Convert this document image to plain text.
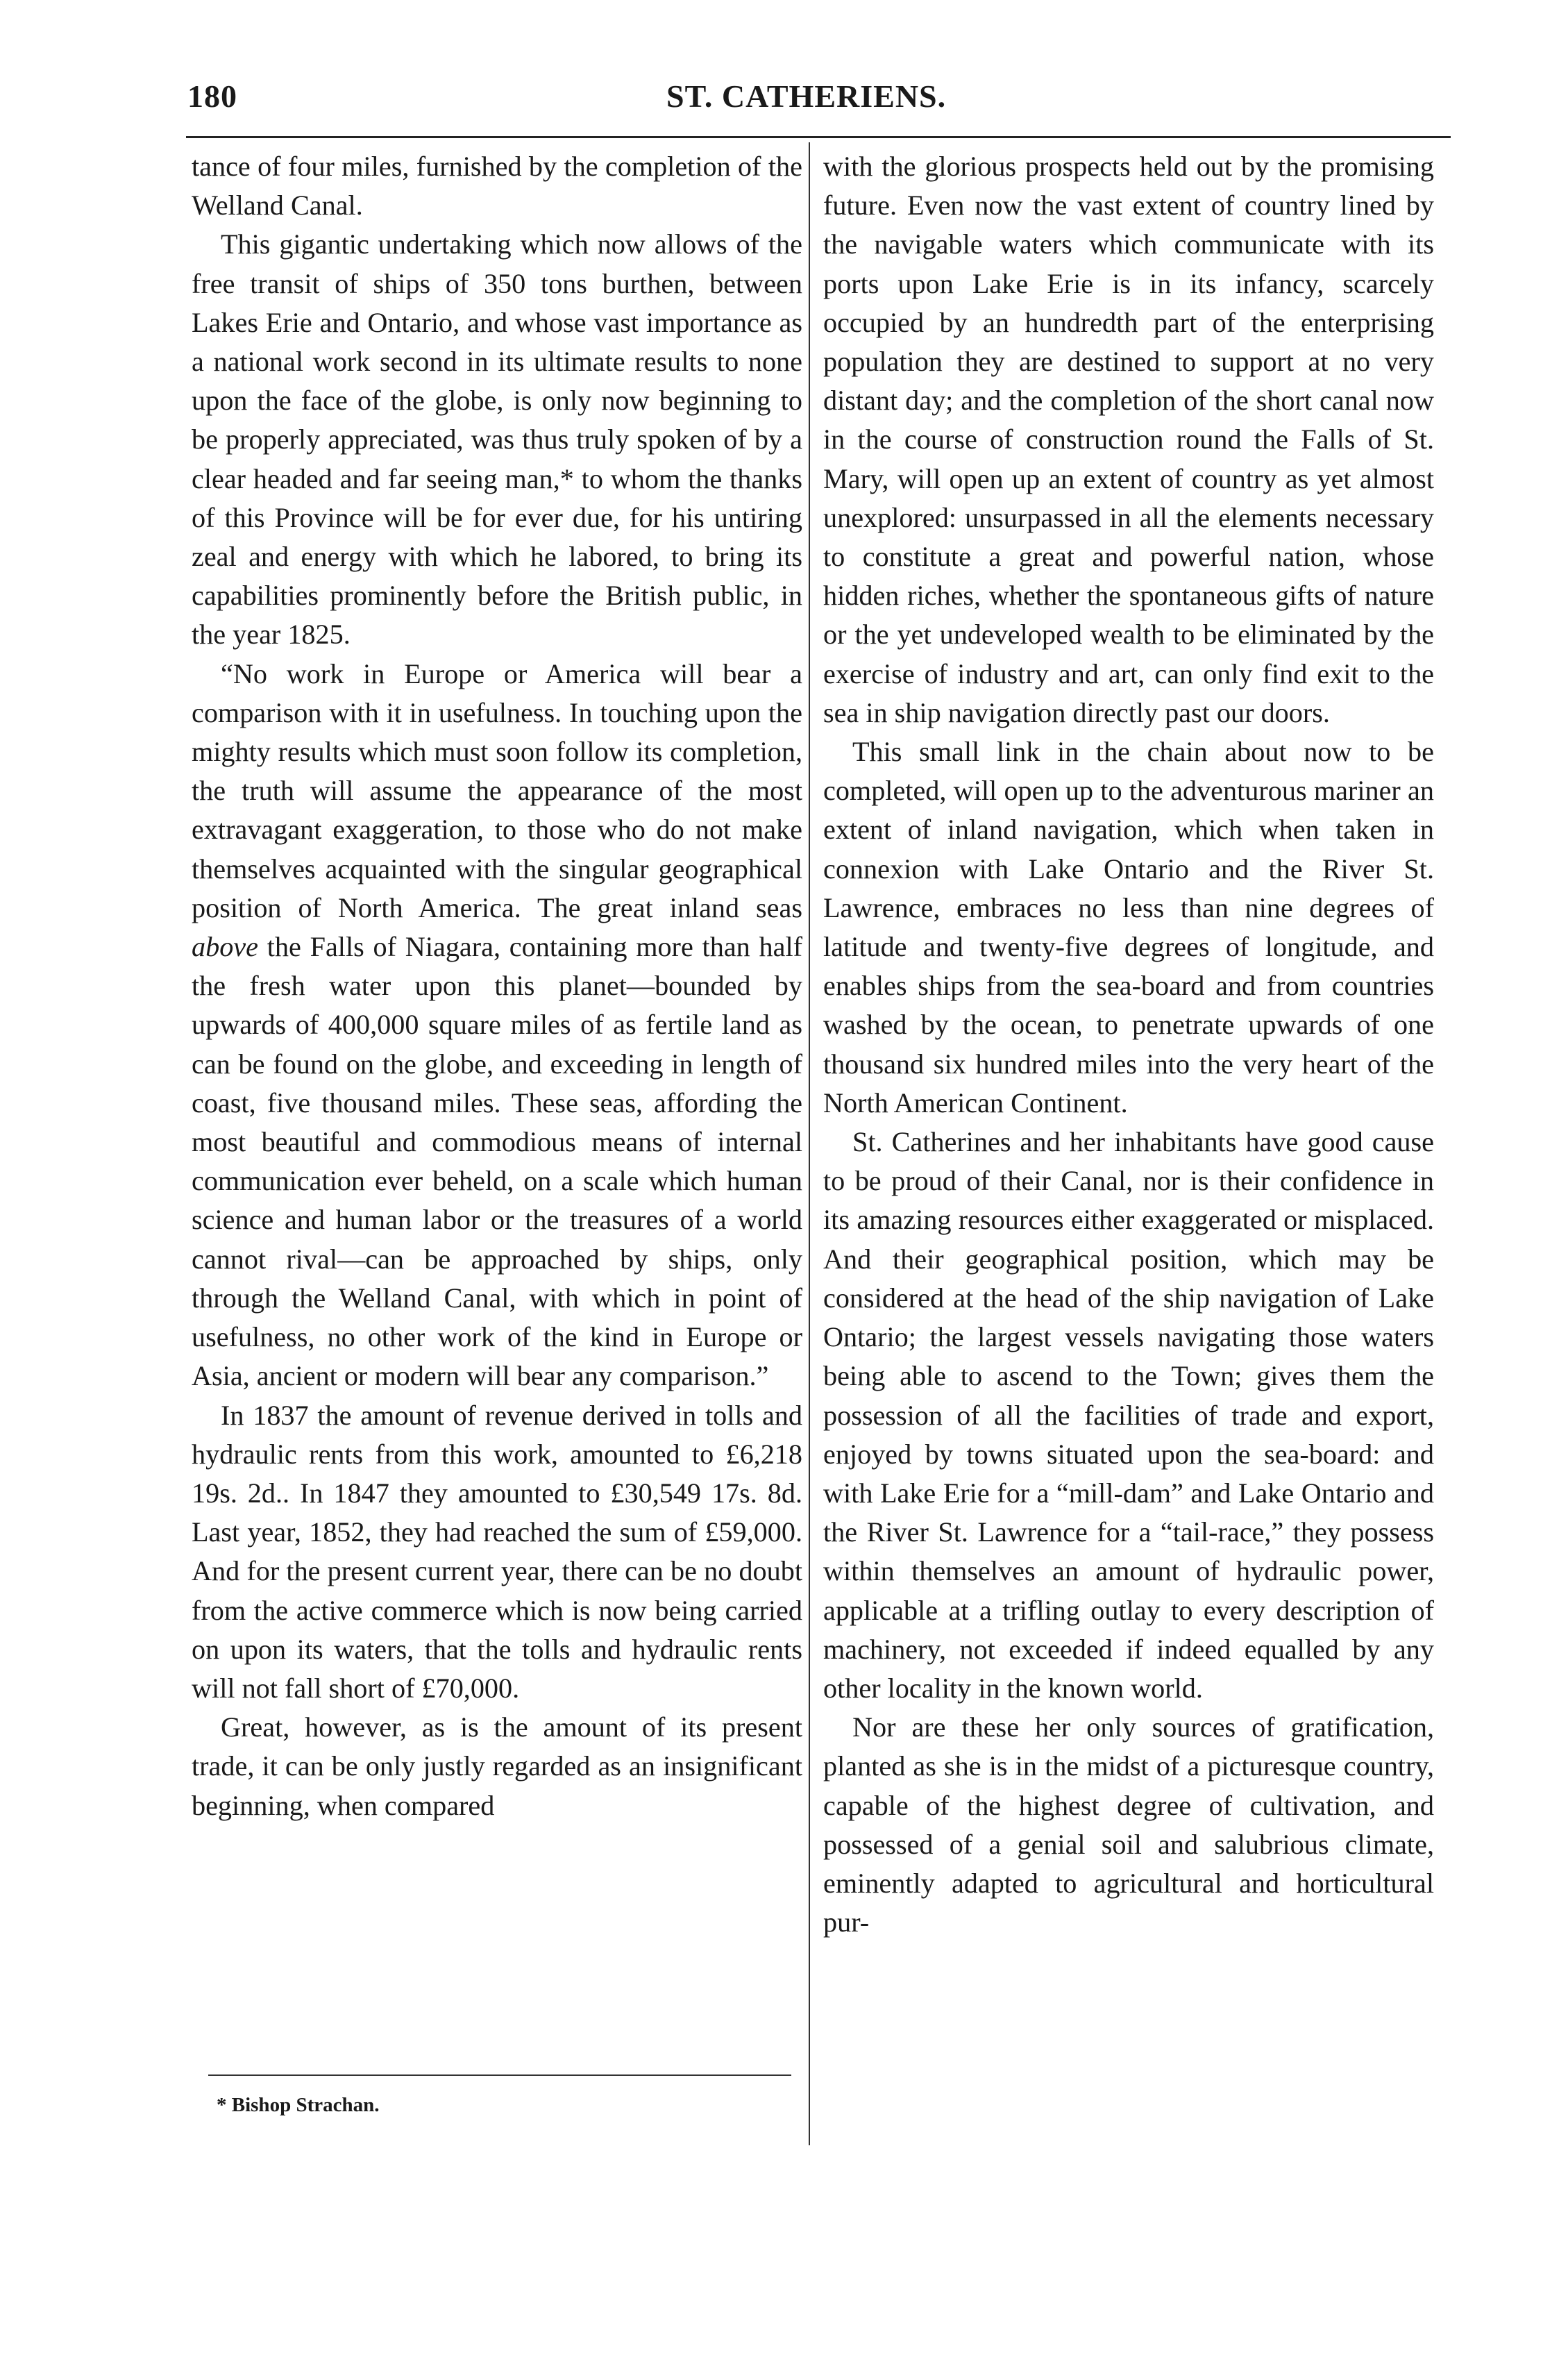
180	ST. CATHERIENS.

tance of four miles, furnished by the completion of the Welland Canal.

This gigantic undertaking which now allows of the free transit of ships of 350 tons burthen, between Lakes Erie and Ontario, and whose vast importance as a national work second in its ultimate results to none upon the face of the globe, is only now beginning to be properly appreciated, was thus truly spoken of by a clear headed and far seeing man,* to whom the thanks of this Province will be for ever due, for his untiring zeal and energy with which he labored, to bring its capabilities prominently before the British public, in the year 1825.

“No work in Europe or America will bear a comparison with it in usefulness. In touching upon the mighty results which must soon follow its completion, the truth will assume the appearance of the most extravagant exaggeration, to those who do not make themselves acquainted with the singular geographical position of North America. The great inland seas above the Falls of Niagara, containing more than half the fresh water upon this planet—bounded by upwards of 400,000 square miles of as fertile land as can be found on the globe, and exceeding in length of coast, five thousand miles. These seas, affording the most beautiful and commodious means of internal communication ever beheld, on a scale which human science and human labor or the treasures of a world cannot rival—can be approached by ships, only through the Welland Canal, with which in point of usefulness, no other work of the kind in Europe or Asia, ancient or modern will bear any comparison.”

In 1837 the amount of revenue derived in tolls and hydraulic rents from this work, amounted to £6,218 19s. 2d.. In 1847 they amounted to £30,549 17s. 8d. Last year, 1852, they had reached the sum of £59,000. And for the present current year, there can be no doubt from the active commerce which is now being carried on upon its waters, that the tolls and hydraulic rents will not fall short of £70,000.

Great, however, as is the amount of its present trade, it can be only justly regarded as an insignificant beginning, when compared

with the glorious prospects held out by the promising future. Even now the vast extent of country lined by the navigable waters which communicate with its ports upon Lake Erie is in its infancy, scarcely occupied by an hundredth part of the enterprising population they are destined to support at no very distant day; and the completion of the short canal now in the course of construction round the Falls of St. Mary, will open up an extent of country as yet almost unexplored: unsurpassed in all the elements necessary to constitute a great and powerful nation, whose hidden riches, whether the spontaneous gifts of nature or the yet undeveloped wealth to be eliminated by the exercise of industry and art, can only find exit to the sea in ship navigation directly past our doors.

This small link in the chain about now to be completed, will open up to the adventurous mariner an extent of inland navigation, which when taken in connexion with Lake Ontario and the River St. Lawrence, embraces no less than nine degrees of latitude and twenty-five degrees of longitude, and enables ships from the sea-board and from countries washed by the ocean, to penetrate upwards of one thousand six hundred miles into the very heart of the North American Continent.

St. Catherines and her inhabitants have good cause to be proud of their Canal, nor is their confidence in its amazing resources either exaggerated or misplaced. And their geographical position, which may be considered at the head of the ship navigation of Lake Ontario; the largest vessels navigating those waters being able to ascend to the Town; gives them the possession of all the facilities of trade and export, enjoyed by towns situated upon the sea-board: and with Lake Erie for a “mill-dam” and Lake Ontario and the River St. Lawrence for a “tail-race,” they possess within themselves an amount of hydraulic power, applicable at a trifling outlay to every description of machinery, not exceeded if indeed equalled by any other locality in the known world.

Nor are these her only sources of gratification, planted as she is in the midst of a picturesque country, capable of the highest degree of cultivation, and possessed of a genial soil and salubrious climate, eminently adapted to agricultural and horticultural pur-

* Bishop Strachan.
